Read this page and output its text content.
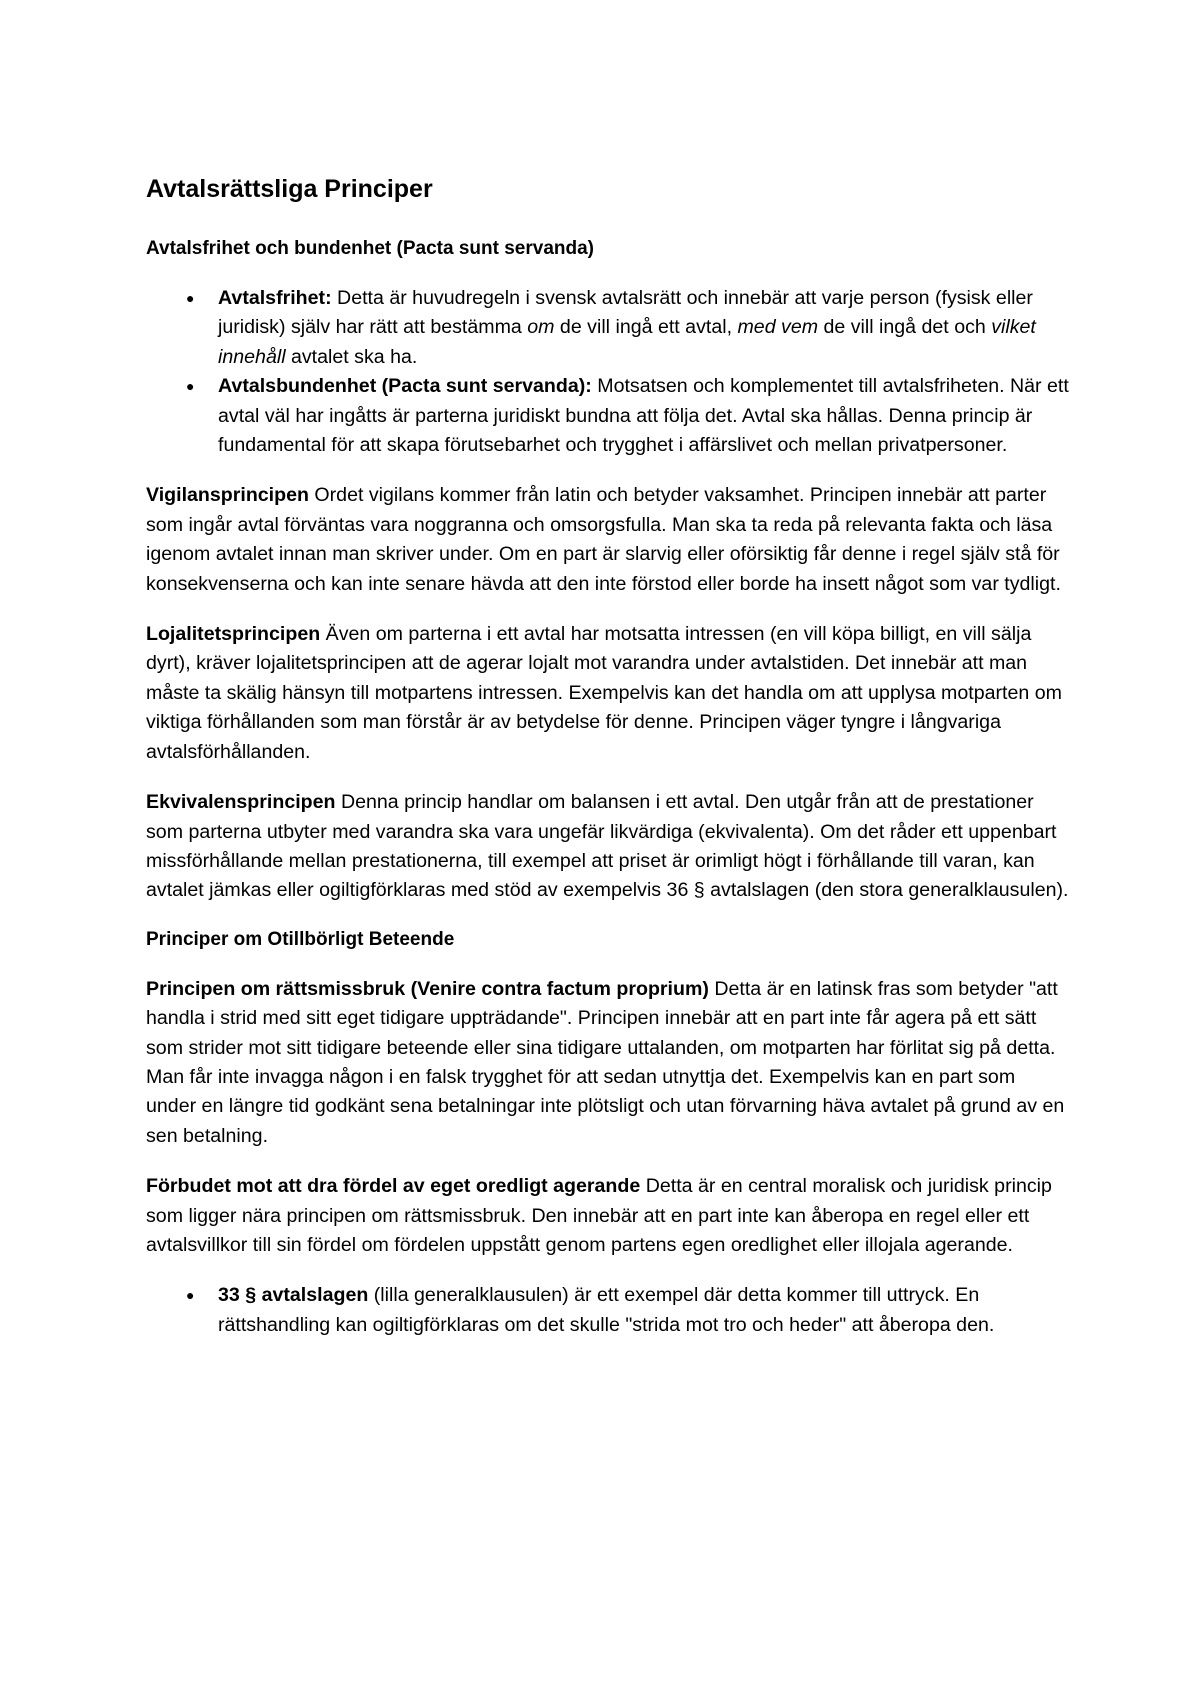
Avtalsrättsliga Principer
Avtalsfrihet och bundenhet (Pacta sunt servanda)
● Avtalsfrihet: Detta är huvudregeln i svensk avtalsrätt och innebär att varje person (fysisk eller juridisk) själv har rätt att bestämma om de vill ingå ett avtal, med vem de vill ingå det och vilket innehåll avtalet ska ha.
● Avtalsbundenhet (Pacta sunt servanda): Motsatsen och komplementet till avtalsfriheten. När ett avtal väl har ingåtts är parterna juridiskt bundna att följa det. Avtal ska hållas. Denna princip är fundamental för att skapa förutsebarhet och trygghet i affärslivet och mellan privatpersoner.

Vigilansprincipen Ordet vigilans kommer från latin och betyder vaksamhet. Principen innebär att parter som ingår avtal förväntas vara noggranna och omsorgsfulla. Man ska ta reda på relevanta fakta och läsa igenom avtalet innan man skriver under. Om en part är slarvig eller oförsiktig får denne i regel själv stå för konsekvenserna och kan inte senare hävda att den inte förstod eller borde ha insett något som var tydligt.

Lojalitetsprincipen Även om parterna i ett avtal har motsatta intressen (en vill köpa billigt, en vill sälja dyrt), kräver lojalitetsprincipen att de agerar lojalt mot varandra under avtalstiden. Det innebär att man måste ta skälig hänsyn till motpartens intressen. Exempelvis kan det handla om att upplysa motparten om viktiga förhållanden som man förstår är av betydelse för denne. Principen väger tyngre i långvariga avtalsförhållanden.

Ekvivalensprincipen Denna princip handlar om balansen i ett avtal. Den utgår från att de prestationer som parterna utbyter med varandra ska vara ungefär likvärdiga (ekvivalenta). Om det råder ett uppenbart missförhållande mellan prestationerna, till exempel att priset är orimligt högt i förhållande till varan, kan avtalet jämkas eller ogiltigförklaras med stöd av exempelvis 36 § avtalslagen (den stora generalklausulen).

Principer om Otillbörligt Beteende

Principen om rättsmissbruk (Venire contra factum proprium) Detta är en latinsk fras som betyder "att handla i strid med sitt eget tidigare uppträdande". Principen innebär att en part inte får agera på ett sätt som strider mot sitt tidigare beteende eller sina tidigare uttalanden, om motparten har förlitat sig på detta. Man får inte invagga någon i en falsk trygghet för att sedan utnyttja det. Exempelvis kan en part som under en längre tid godkänt sena betalningar inte plötsligt och utan förvarning häva avtalet på grund av en sen betalning.

Förbudet mot att dra fördel av eget oredligt agerande Detta är en central moralisk och juridisk princip som ligger nära principen om rättsmissbruk. Den innebär att en part inte kan åberopa en regel eller ett avtalsvillkor till sin fördel om fördelen uppstått genom partens egen oredlighet eller illojala agerande.

● 33 § avtalslagen (lilla generalklausulen) är ett exempel där detta kommer till uttryck. En rättshandling kan ogiltigförklaras om det skulle "strida mot tro och heder" att åberopa den.
